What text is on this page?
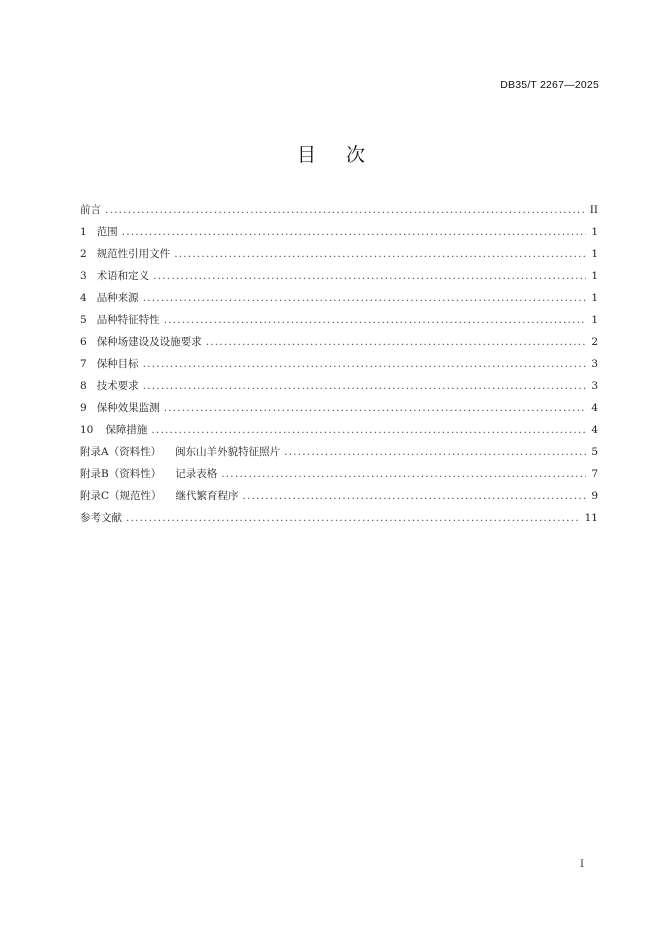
DB35/T 2267—2025
目 次
前言 .....	II
1 范围 .....	1
2 规范性引用文件 .....	1
3 术语和定义 .....	1
4 品种来源 .....	1
5 品种特征特性 .....	1
6 保种场建设及设施要求 .....	2
7 保种目标 .....	3
8 技术要求 .....	3
9 保种效果监测 .....	4
10 保障措施 .....	4
附录A（资料性） 闽东山羊外貌特征照片 .....	5
附录B（资料性） 记录表格 .....	7
附录C（规范性） 继代繁育程序 .....	9
参考文献 .....	11
I
